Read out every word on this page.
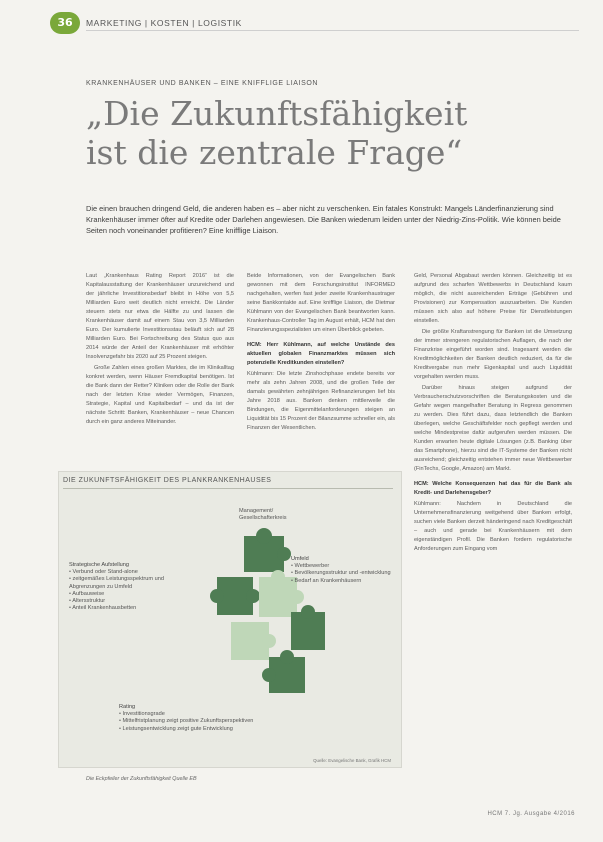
36	MARKETING | KOSTEN | LOGISTIK
KRANKENHÄUSER UND BANKEN – EINE KNIFFLIGE LIAISON
„Die Zukunftsfähigkeit
ist die zentrale Frage“
Die einen brauchen dringend Geld, die anderen haben es – aber nicht zu verschenken. Ein fatales Konstrukt: Mangels Länderfinanzierung sind Krankenhäuser immer öfter auf Kredite oder Darlehen angewiesen. Die Banken wiederum leiden unter der Niedrig-Zins-Politik. Wie können beide Seiten noch voneinander profitieren? Eine knifflige Liaison.

Laut „Krankenhaus Rating Report 2016“ ist die Kapitalausstattung der Krankenhäuser unzureichend und der jährliche Investitionsbedarf bleibt in Höhe von 5,5 Milliarden Euro weit deutlich nicht erreicht. Die Länder steuern stets nur etwa die Hälfte zu und lassen die Krankenhäuser damit auf einem Stau von 3,5 Milliarden Euro. Der kumulierte Investitionsstau beläuft sich auf 28 Milliarden Euro. Bei Fortschreibung des Status quo aus 2014 würde der Anteil der Krankenhäuser mit erhöhter Insolvenzgefahr bis 2020 auf 25 Prozent steigen.

Große Zahlen eines großen Marktes, die im Klinikalltag konkret werden, wenn Häuser Fremdkapital benötigen. Ist die Bank dann der Retter? Kliniken oder die Rolle der Bank nach der letzten Krise wieder Vermögen, Finanzen, Strategie, Kapital und Kapitalbedarf – und da ist der nächste Schritt: Banken, Krankenhäuser – neue Chancen durch ein ganz anderes Miteinander.

Beide Informationen, von der Evangelischen Bank gewonnen mit dem Forschungsinstitut INFORMED nachgehalten, werfen fast jeder zweite Krankenhaustrager seine Bankkontakte auf. Eine knifflige Liaison, die Dietmar Kühlmann von der Evangelischen Bank beantworten kann. Krankenhaus-Controller Tag im August erhält, HCM hat den Finanzierungsspezialisten um einen Überblick gebeten.

HCM: Herr Kühlmann, auf welche Unstände des aktuellen globalen Finanzmarktes müssen sich potenzielle Kreditkunden einstellen?

Kühlmann: Die letzte Zinshochphase endete bereits vor mehr als zehn Jahren 2008, und die großen Teile der damals gewährten zehnjährigen Refinanzierungen lief bis Jahre 2018 aus. Banken denken mittlerweile die Bindungen, die Eigenmittelanforderungen steigen an Liquidität bis 15 Prozent der Bilanzsumme schneller ein, als Finanzen der Wesentlichen.

Geld, Personal Abgabaut werden können. Gleichzeitig ist es aufgrund des scharfen Wettbewerbs in Deutschland kaum möglich, die nicht ausreichenden Erträge (Gebühren und Provisionen) zur Kompensation auszuarbeiten. Die Kunden müssen sich also auf höhere Preise für Dienstleistungen einstellen.

Die größte Kraftanstrengung für Banken ist die Umsetzung der immer strengeren regulatorischen Auflagen, die nach der Finanzkrise eingeführt worden sind. Insgesamt werden die Kreditmöglichkeiten der Banken deutlich reduziert, da für die Kreditvergabe nun mehr Eigenkapital und auch Liquidität vorgehalten werden muss.

Darüber hinaus steigen aufgrund der Verbraucherschutzvorschriften die Beratungskosten und die Gefahr wegen mangelhafter Beratung in Regress genommen zu werden. Dies führt dazu, dass letztendlich die Banken überlegen, welche Geschäftsfelder noch gepflegt werden und welche Mindestpreise dafür aufgerufen werden müssen. Die Kunden erwarten heute digitale Lösungen (z.B. Banking über das Smartphone), hierzu sind die IT-Systeme der Banken nicht ausreichend; gleichzeitig entstehen immer neue Wettbewerber (FinTechs, Google, Amazon) am Markt.

HCM: Welche Konsequenzen hat das für die Bank als Kredit- und Darlehensgeber?

Kühlmann: Nachdem in Deutschland die Unternehmensfinanzierung weitgehend über Banken erfolgt, suchen viele Banken derzeit händeringend nach Kreditgeschäft – auch und gerade bei Krankenhäusern mit dem eigenständigen Profil. Die Banken fordern regulatorische Anforderungen zum Eingang vom

DIE ZUKUNFTSFÄHIGKEIT DES PLANKRANKENHAUSES
Management/ Gesellschafterkreis
Strategische Aufstellung
• Verbund oder Stand-alone
• zeitgemäßes Leistungsspektrum und Abgrenzungen zu Umfeld
• Aufbauweise
• Altersstruktur
• Anteil Krankenhausbetten
Umfeld
• Wettbewerber
• Bevölkerungsstruktur und -entwicklung
• Bedarf an Krankenhäusern
Rating
• Investitionsgrade
• Mittelfristplanung zeigt positive Zukunftsperspektiven
• Leistungsentwicklung zeigt gute Entwicklung
Quelle: Evangelische Bank, Grafik HCM
Die Eckpfeiler der Zukunftsfähigkeit Quelle EB
HCM 7. Jg. Ausgabe 4/2016
